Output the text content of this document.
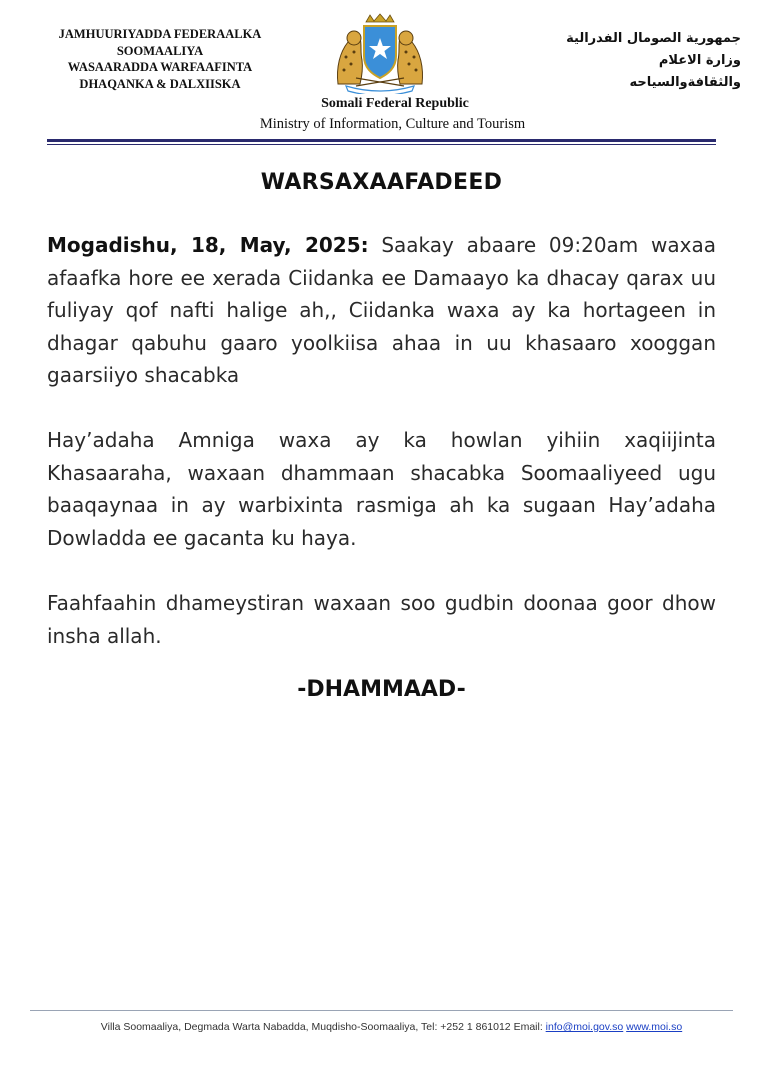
JAMHUURIYADDA FEDERAALKA
SOOMAALIYA
WASAARADDA WARFAAFINTA
DHAQANKA & DALXIISKA
جمهورية الصومال الفدرالية
وزارة الاعلام
والثقافةوالسياحه
Somali Federal Republic
Ministry of Information, Culture and Tourism
WARSAXAAFADEED
Mogadishu, 18, May, 2025: Saakay abaare 09:20am waxaa afaafka hore ee xerada Ciidanka ee Damaayo ka dhacay qarax uu fuliyay qof nafti halige ah,, Ciidanka waxa ay ka hortageen in dhagar qabuhu gaaro yoolkiisa ahaa in uu khasaaro xooggan gaarsiiyo shacabka
Hay’adaha Amniga waxa ay ka howlan yihiin xaqiijinta Khasaaraha, waxaan dhammaan shacabka Soomaaliyeed ugu baaqaynaa in ay warbixinta rasmiga ah ka sugaan Hay’adaha Dowladda ee gacanta ku haya.
Faahfaahin dhameystiran waxaan soo gudbin doonaa goor dhow insha allah.
-DHAMMAAD-
Villa Soomaaliya, Degmada Warta Nabadda, Muqdisho-Soomaaliya, Tel: +252 1 861012 Email: info@moi.gov.so www.moi.so
